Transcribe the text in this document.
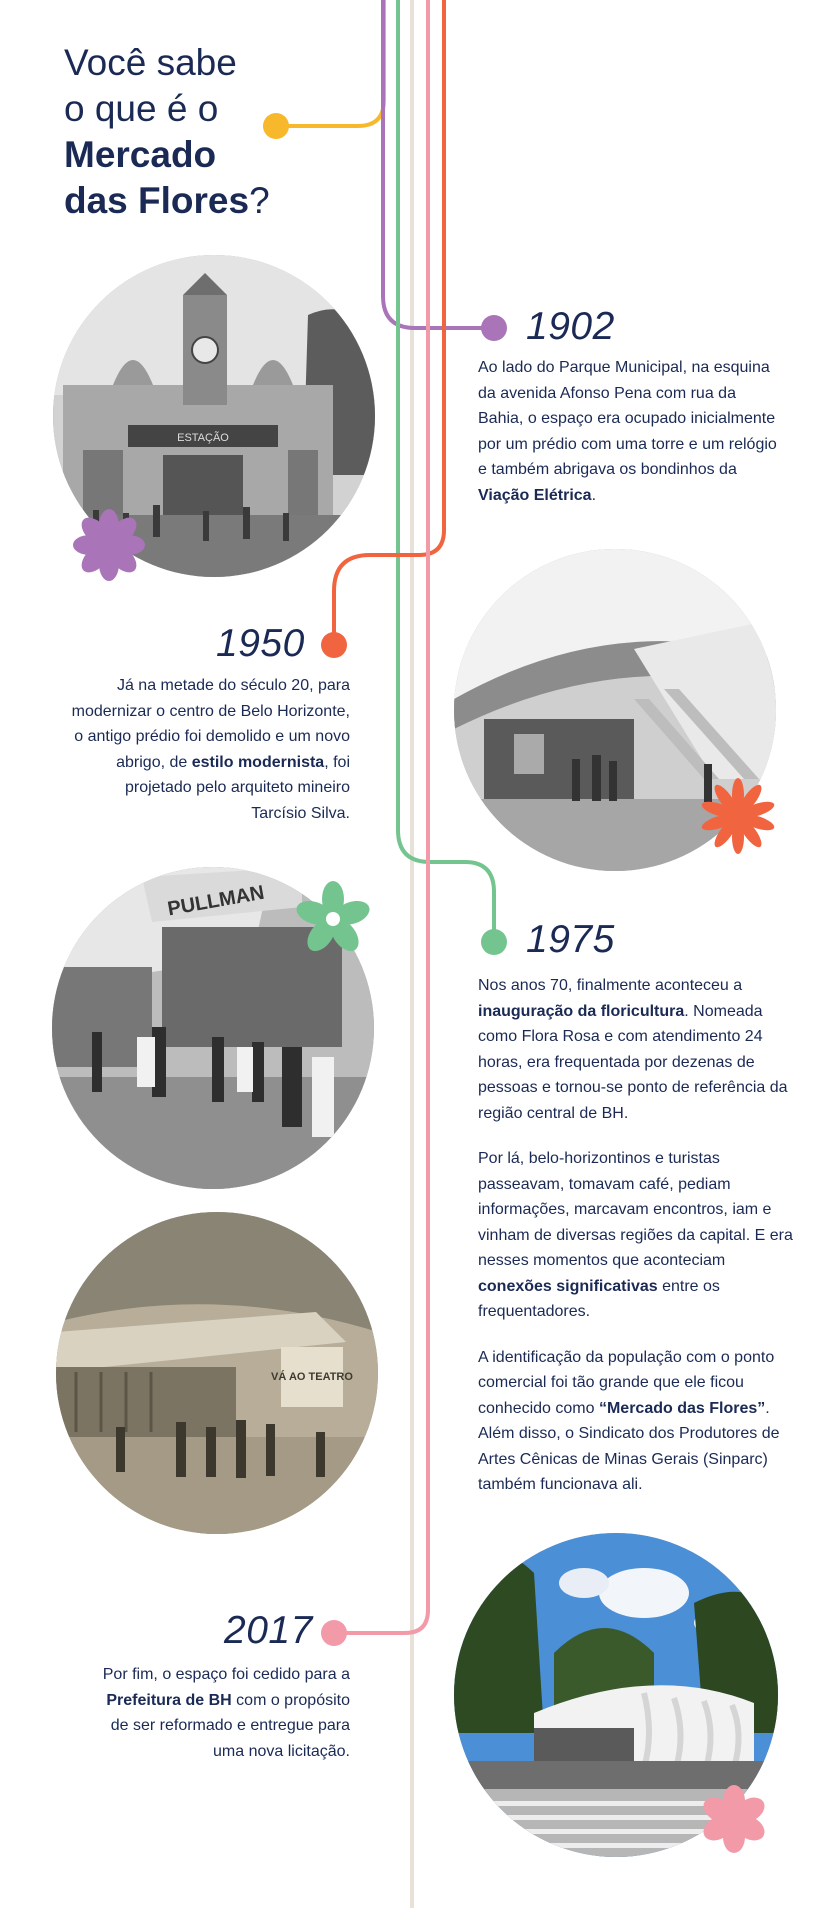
Você sabe
o que é o
Mercado
das Flores?
ESTAÇÃO
1902

Ao lado do Parque Municipal, na esquina da avenida Afonso Pena com rua da Bahia, o espaço era ocupado inicialmente por um prédio com uma torre e um relógio e também abrigava os bondinhos da Viação Elétrica.

1950

Já na metade do século 20, para modernizar o centro de Belo Horizonte, o antigo prédio foi demolido e um novo abrigo, de estilo modernista, foi projetado pelo arquiteto mineiro Tarcísio Silva.

PULLMAN
1975

Nos anos 70, finalmente aconteceu a inauguração da floricultura. Nomeada como Flora Rosa e com atendimento 24 horas, era frequentada por dezenas de pessoas e tornou-se ponto de referência da região central de BH.

Por lá, belo-horizontinos e turistas passeavam, tomavam café, pediam informações, marcavam encontros, iam e vinham de diversas regiões da capital. E era nesses momentos que aconteciam conexões significativas entre os frequentadores.

A identificação da população com o ponto comercial foi tão grande que ele ficou conhecido como “Mercado das Flores”. Além disso, o Sindicato dos Produtores de Artes Cênicas de Minas Gerais (Sinparc) também funcionava ali.

VÁ AO TEATRO
2017

Por fim, o espaço foi cedido para a Prefeitura de BH com o propósito de ser reformado e entregue para uma nova licitação.
